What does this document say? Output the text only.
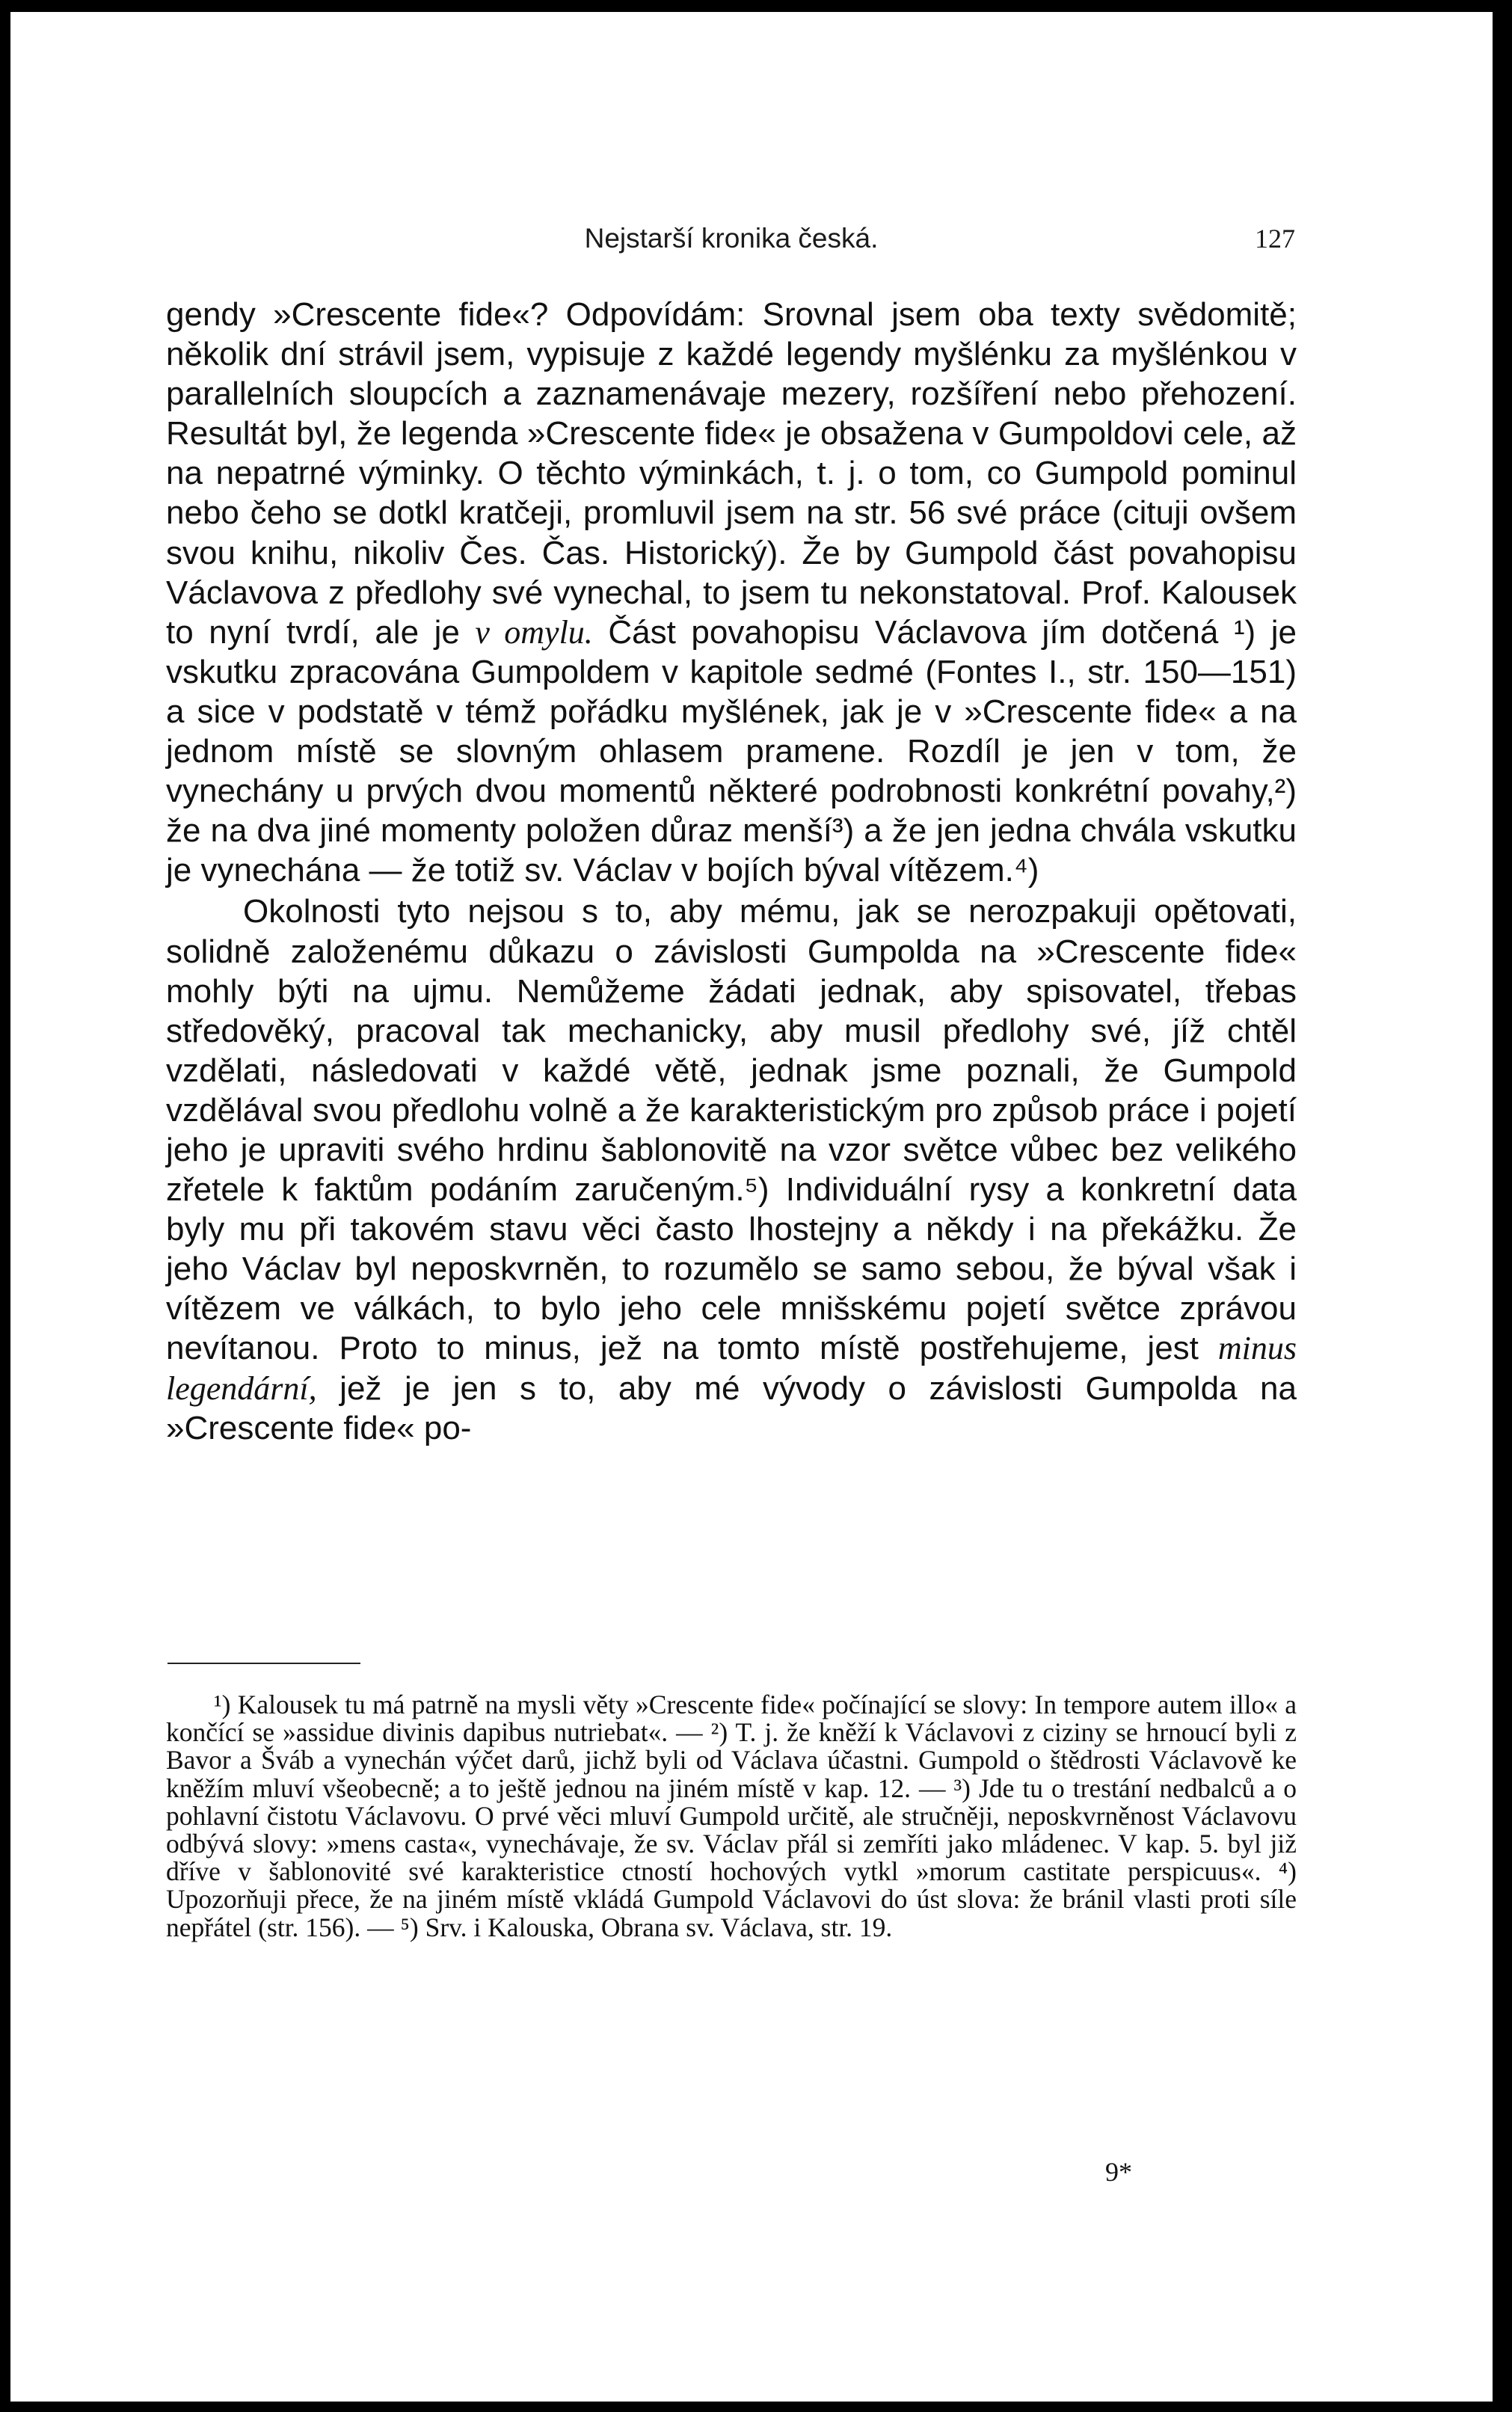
Nejstarší kronika česká.	127

gendy »Crescente fide«? Odpovídám: Srovnal jsem oba texty svědomitě; několik dní strávil jsem, vypisuje z každé legendy myšlénku za myšlénkou v parallelních sloupcích a zaznamenávaje mezery, rozšíření nebo přehození. Resultát byl, že legenda »Crescente fide« je obsažena v Gumpoldovi cele, až na nepatrné výminky. O těchto výminkách, t. j. o tom, co Gumpold pominul nebo čeho se dotkl kratčeji, promluvil jsem na str. 56 své práce (cituji ovšem svou knihu, nikoliv Čes. Čas. Historický). Že by Gumpold část povahopisu Václavova z předlohy své vynechal, to jsem tu nekonstatoval. Prof. Kalousek to nyní tvrdí, ale je v omylu. Část povahopisu Václavova jím dotčená ¹) je vskutku zpracována Gumpoldem v kapitole sedmé (Fontes I., str. 150—151) a sice v podstatě v témž pořádku myšlének, jak je v »Crescente fide« a na jednom místě se slovným ohlasem pramene. Rozdíl je jen v tom, že vynechány u prvých dvou momentů některé podrobnosti konkrétní povahy,²) že na dva jiné momenty položen důraz menší³) a že jen jedna chvála vskutku je vynechána — že totiž sv. Václav v bojích býval vítězem.⁴)

Okolnosti tyto nejsou s to, aby mému, jak se nerozpakuji opětovati, solidně založenému důkazu o závislosti Gumpolda na »Crescente fide« mohly býti na ujmu. Nemůžeme žádati jednak, aby spisovatel, třebas středověký, pracoval tak mechanicky, aby musil předlohy své, jíž chtěl vzdělati, následovati v každé větě, jednak jsme poznali, že Gumpold vzdělával svou předlohu volně a že karakteristickým pro způsob práce i pojetí jeho je upraviti svého hrdinu šablonovitě na vzor světce vůbec bez velikého zřetele k faktům podáním zaručeným.⁵) Individuální rysy a konkretní data byly mu při takovém stavu věci často lhostejny a někdy i na překážku. Že jeho Václav byl neposkvrněn, to rozumělo se samo sebou, že býval však i vítězem ve válkách, to bylo jeho cele mnišskému pojetí světce zprávou nevítanou. Proto to minus, jež na tomto místě postřehujeme, jest minus legendární, jež je jen s to, aby mé vývody o závislosti Gumpolda na »Crescente fide« po-

¹) Kalousek tu má patrně na mysli věty »Crescente fide« počínající se slovy: In tempore autem illo« a končící se »assidue divinis dapibus nutriebat«. — ²) T. j. že kněží k Václavovi z ciziny se hrnoucí byli z Bavor a Šváb a vynechán výčet darů, jichž byli od Václava účastni. Gumpold o štědrosti Václavově ke kněžím mluví všeobecně; a to ještě jednou na jiném místě v kap. 12. — ³) Jde tu o trestání nedbalců a o pohlavní čistotu Václavovu. O prvé věci mluví Gumpold určitě, ale stručněji, neposkvrněnost Václavovu odbývá slovy: »mens casta«, vynechávaje, že sv. Václav přál si zemříti jako mládenec. V kap. 5. byl již dříve v šablonovité své karakteristice ctností hochových vytkl »morum castitate perspicuus«. ⁴) Upozorňuji přece, že na jiném místě vkládá Gumpold Václavovi do úst slova: že bránil vlasti proti síle nepřátel (str. 156). — ⁵) Srv. i Kalouska, Obrana sv. Václava, str. 19.

9*
